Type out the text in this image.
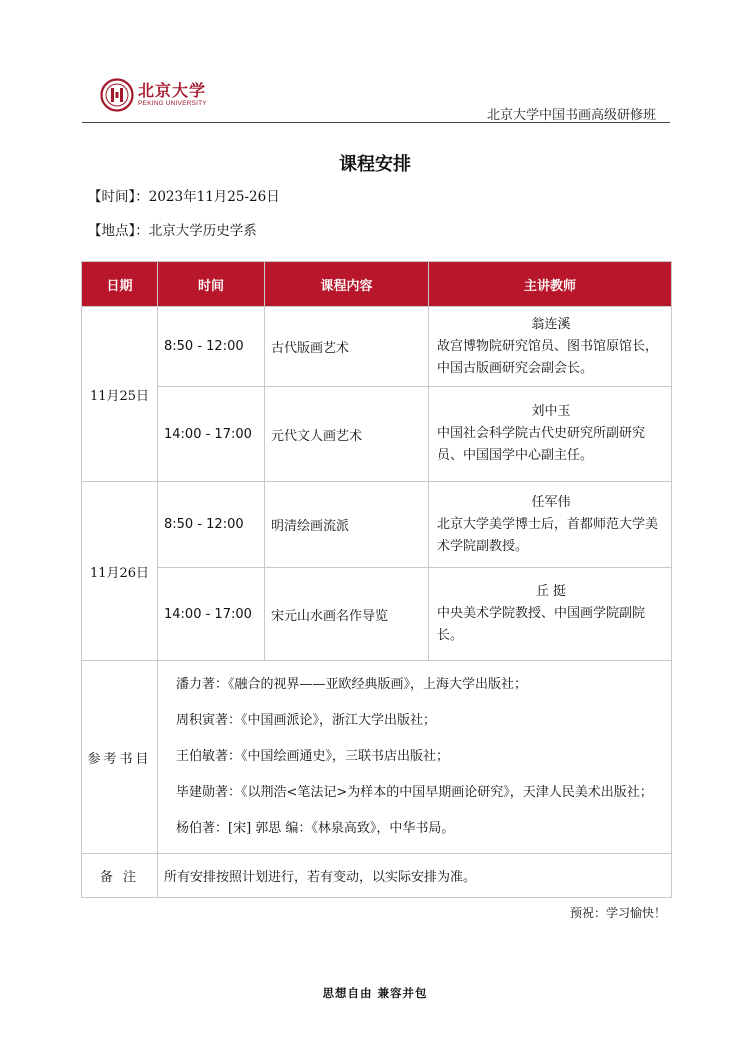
北京大学
PEKING UNIVERSITY
北京大学中国书画高级研修班
课程安排
【时间】：2023年11月25-26日
【地点】：北京大学历史学系
日期	时间	课程内容	主讲教师
11月25日	8:50 - 12:00	古代版画艺术	翁连溪
故宫博物院研究馆员、图书馆原馆长，中国古版画研究会副会长。
	14:00 - 17:00	元代文人画艺术	刘中玉
中国社会科学院古代史研究所副研究员、中国国学中心副主任。
11月26日	8:50 - 12:00	明清绘画流派	任军伟
北京大学美学博士后，首都师范大学美术学院副教授。
	14:00 - 17:00	宋元山水画名作导览	丘 挺
中央美术学院教授、中国画学院副院长。
参考书目	潘力著：《融合的视界——亚欧经典版画》，上海大学出版社；
周积寅著：《中国画派论》，浙江大学出版社；
王伯敏著：《中国绘画通史》，三联书店出版社；
毕建勋著：《以荆浩<笔法记>为样本的中国早期画论研究》，天津人民美术出版社；
杨伯著：[宋] 郭思 编：《林泉高致》，中华书局。		

备 注	所有安排按照计划进行，若有变动，以实际安排为准。		
预祝：学习愉快！
思想自由 兼容并包
